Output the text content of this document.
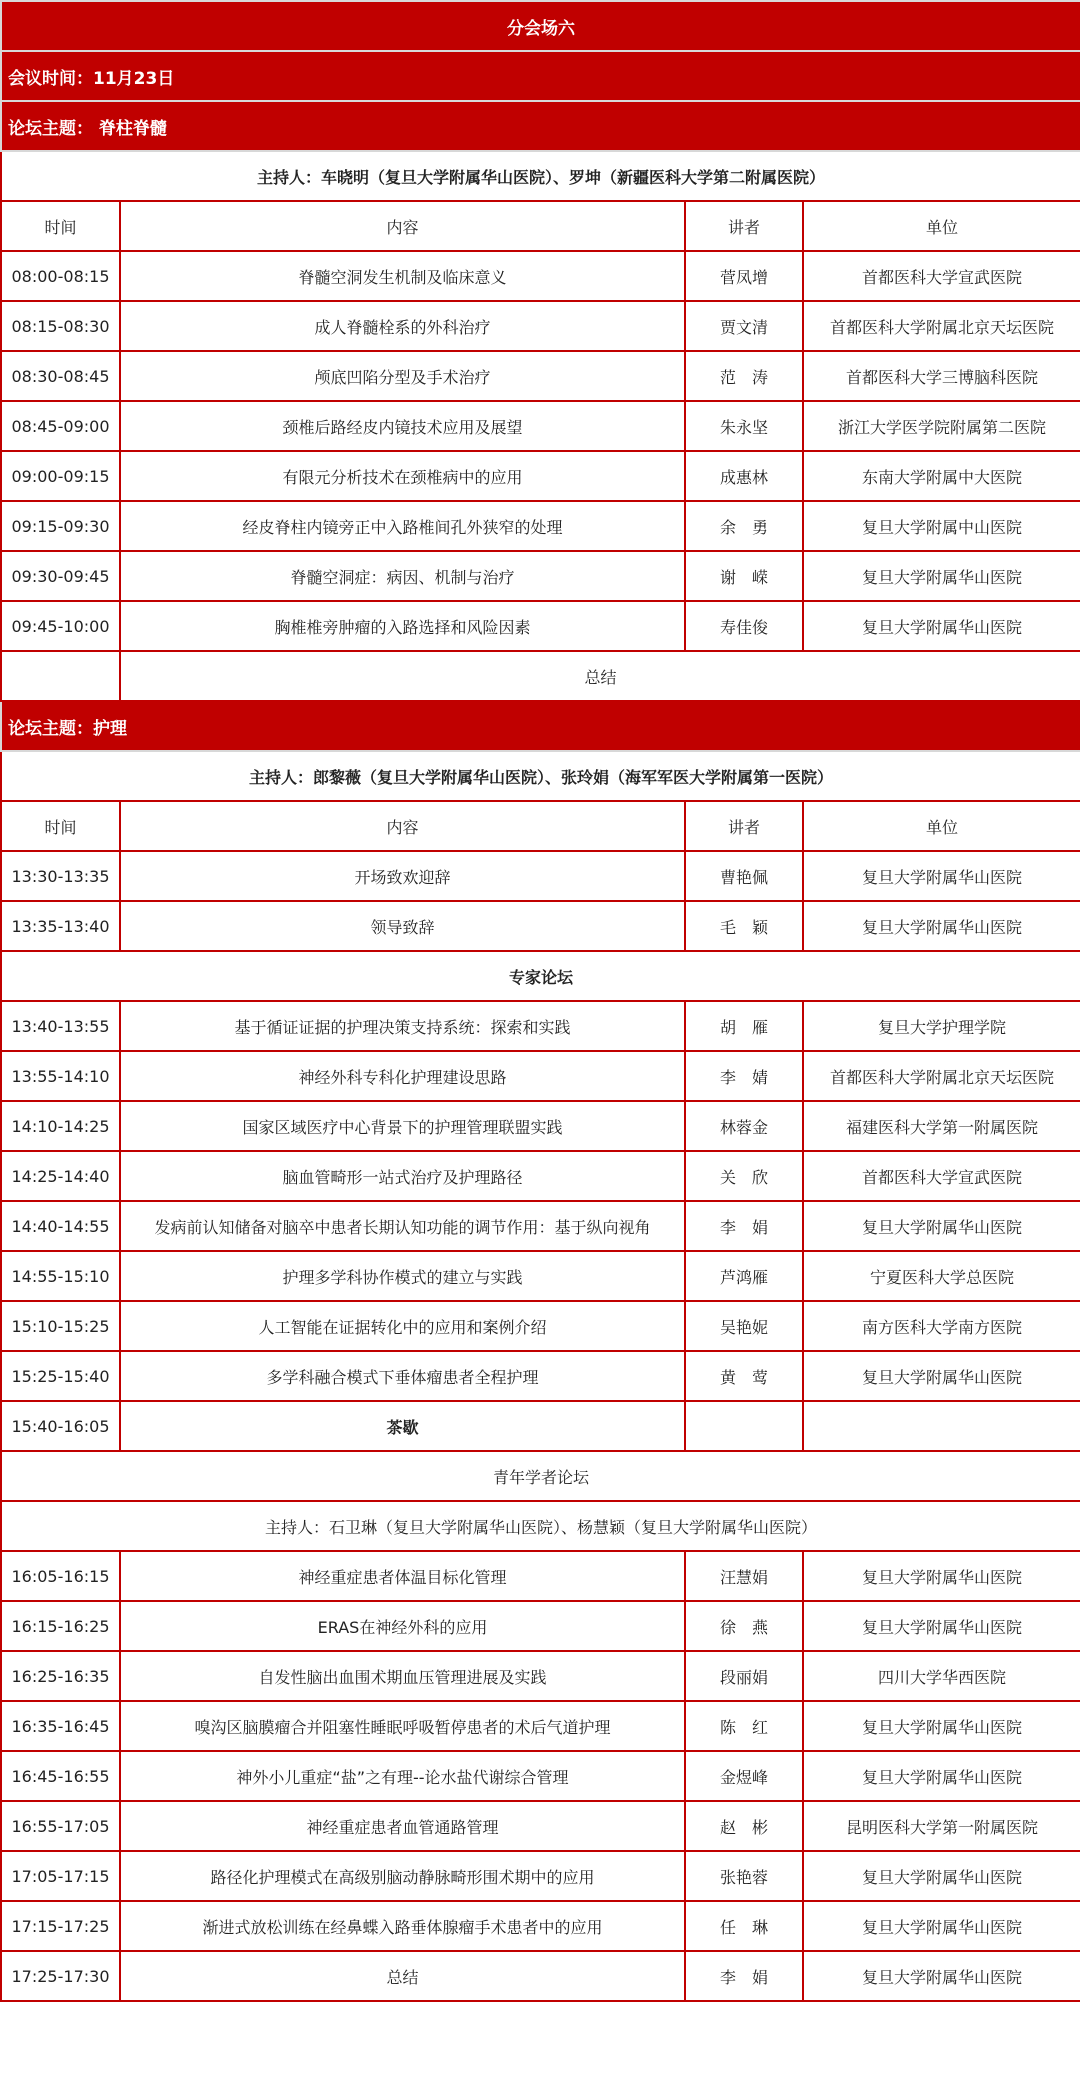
分会场六			
会议时间：11月23日			
论坛主题： 脊柱脊髓			
主持人：车晓明（复旦大学附属华山医院）、罗坤（新疆医科大学第二附属医院）			
时间	内容	讲者	单位
08:00-08:15	脊髓空洞发生机制及临床意义	菅凤增	首都医科大学宣武医院
08:15-08:30	成人脊髓栓系的外科治疗	贾文清	首都医科大学附属北京天坛医院
08:30-08:45	颅底凹陷分型及手术治疗	范　涛	首都医科大学三博脑科医院
08:45-09:00	颈椎后路经皮内镜技术应用及展望	朱永坚	浙江大学医学院附属第二医院
09:00-09:15	有限元分析技术在颈椎病中的应用	成惠林	东南大学附属中大医院
09:15-09:30	经皮脊柱内镜旁正中入路椎间孔外狭窄的处理	余　勇	复旦大学附属中山医院
09:30-09:45	脊髓空洞症：病因、机制与治疗	谢　嵘	复旦大学附属华山医院
09:45-10:00	胸椎椎旁肿瘤的入路选择和风险因素	寿佳俊	复旦大学附属华山医院
	总结		
论坛主题：护理			
主持人：郎黎薇（复旦大学附属华山医院）、张玲娟（海军军医大学附属第一医院）			
时间	内容	讲者	单位
13:30-13:35	开场致欢迎辞	曹艳佩	复旦大学附属华山医院
13:35-13:40	领导致辞	毛　颖	复旦大学附属华山医院
专家论坛			
13:40-13:55	基于循证证据的护理决策支持系统：探索和实践	胡　雁	复旦大学护理学院
13:55-14:10	神经外科专科化护理建设思路	李　婧	首都医科大学附属北京天坛医院
14:10-14:25	国家区域医疗中心背景下的护理管理联盟实践	林蓉金	福建医科大学第一附属医院
14:25-14:40	脑血管畸形一站式治疗及护理路径	关　欣	首都医科大学宣武医院
14:40-14:55	发病前认知储备对脑卒中患者长期认知功能的调节作用：基于纵向视角	李　娟	复旦大学附属华山医院
14:55-15:10	护理多学科协作模式的建立与实践	芦鸿雁	宁夏医科大学总医院
15:10-15:25	人工智能在证据转化中的应用和案例介绍	吴艳妮	南方医科大学南方医院
15:25-15:40	多学科融合模式下垂体瘤患者全程护理	黄　莺	复旦大学附属华山医院
15:40-16:05	茶歇		
青年学者论坛			
主持人：石卫琳（复旦大学附属华山医院）、杨慧颖（复旦大学附属华山医院）			
16:05-16:15	神经重症患者体温目标化管理	汪慧娟	复旦大学附属华山医院
16:15-16:25	ERAS在神经外科的应用	徐　燕	复旦大学附属华山医院
16:25-16:35	自发性脑出血围术期血压管理进展及实践	段丽娟	四川大学华西医院
16:35-16:45	嗅沟区脑膜瘤合并阻塞性睡眠呼吸暂停患者的术后气道护理	陈　红	复旦大学附属华山医院
16:45-16:55	神外小儿重症“盐”之有理--论水盐代谢综合管理	金煜峰	复旦大学附属华山医院
16:55-17:05	神经重症患者血管通路管理	赵　彬	昆明医科大学第一附属医院
17:05-17:15	路径化护理模式在高级别脑动静脉畸形围术期中的应用	张艳蓉	复旦大学附属华山医院
17:15-17:25	渐进式放松训练在经鼻蝶入路垂体腺瘤手术患者中的应用	任　琳	复旦大学附属华山医院
17:25-17:30	总结	李　娟	复旦大学附属华山医院
